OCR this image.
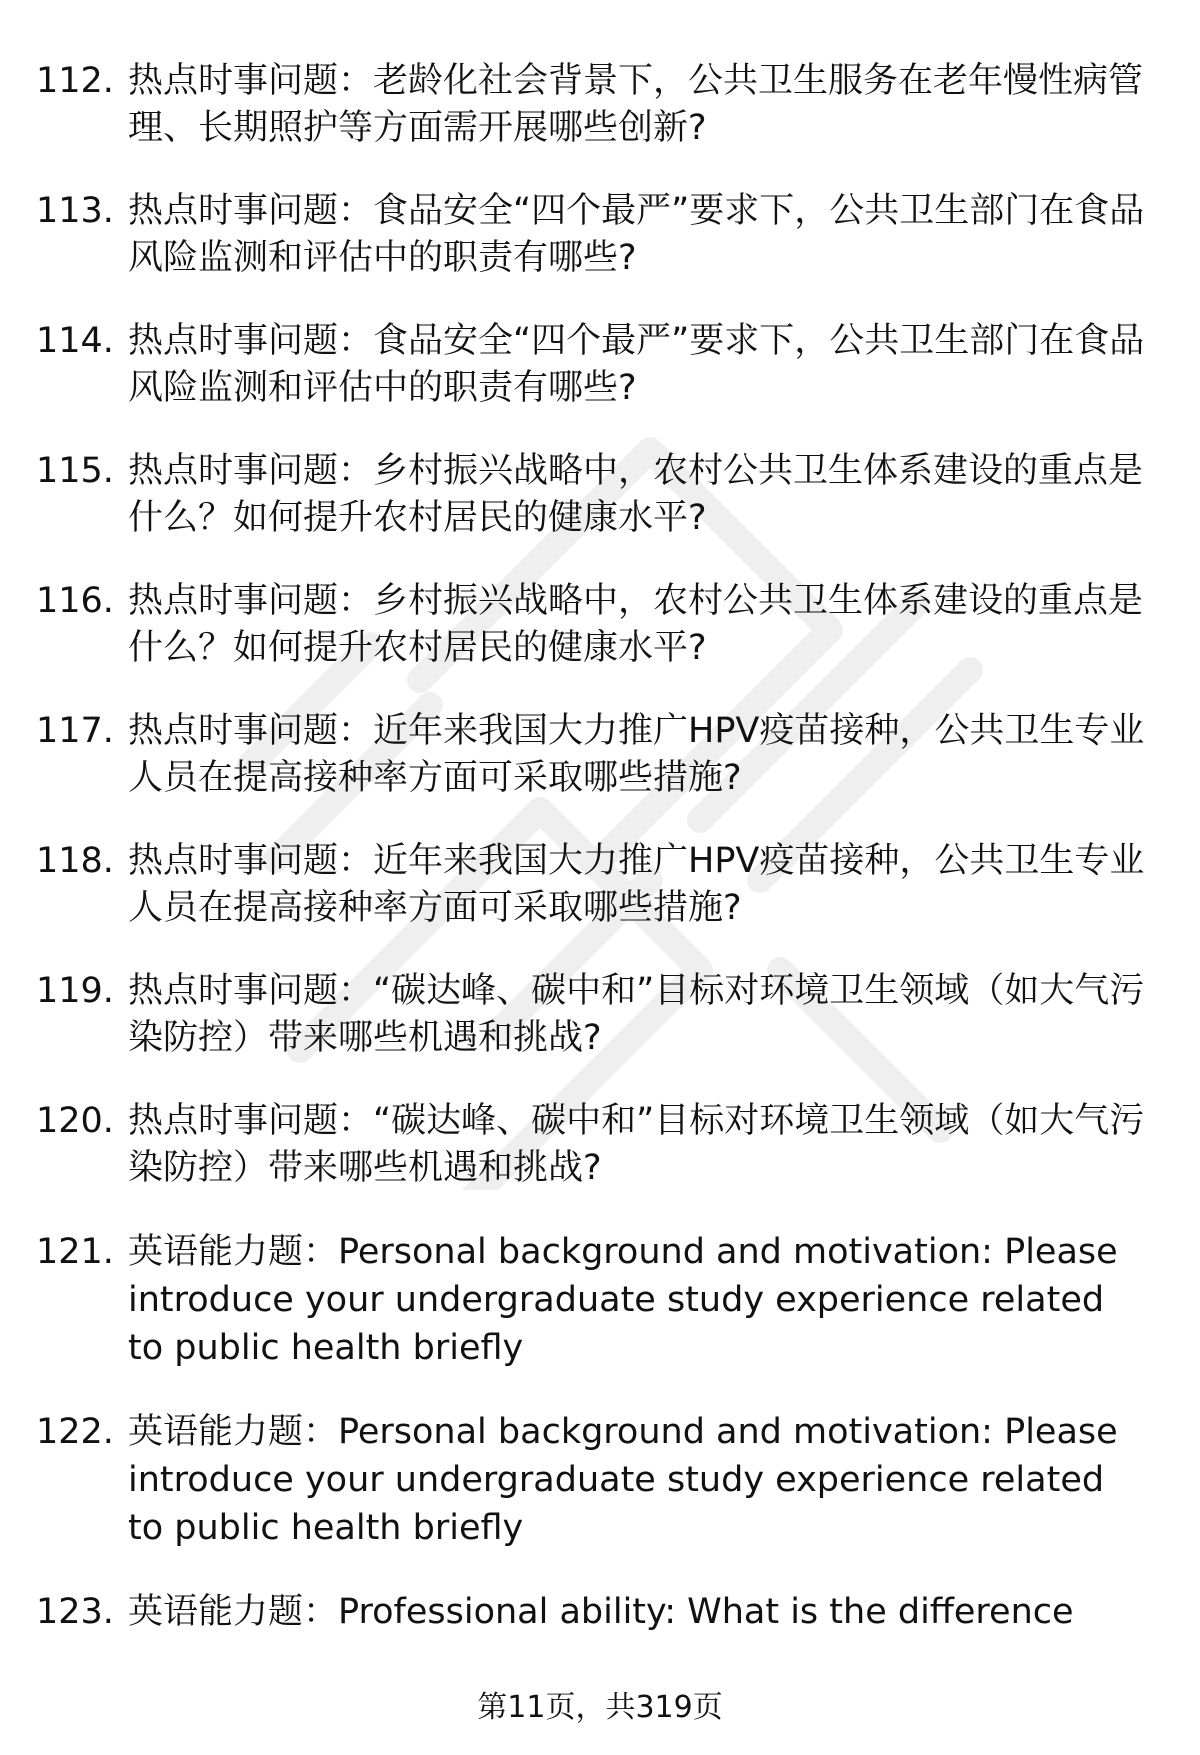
112. 热点时事问题：老龄化社会背景下，公共卫生服务在老年慢性病管理、长期照护等方面需开展哪些创新?
113. 热点时事问题：食品安全“四个最严”要求下，公共卫生部门在食品风险监测和评估中的职责有哪些?
114. 热点时事问题：食品安全“四个最严”要求下，公共卫生部门在食品风险监测和评估中的职责有哪些?
115. 热点时事问题：乡村振兴战略中，农村公共卫生体系建设的重点是什么？如何提升农村居民的健康水平?
116. 热点时事问题：乡村振兴战略中，农村公共卫生体系建设的重点是什么？如何提升农村居民的健康水平?
117. 热点时事问题：近年来我国大力推广HPV疫苗接种，公共卫生专业人员在提高接种率方面可采取哪些措施?
118. 热点时事问题：近年来我国大力推广HPV疫苗接种，公共卫生专业人员在提高接种率方面可采取哪些措施?
119. 热点时事问题：“碳达峰、碳中和”目标对环境卫生领域（如大气污染防控）带来哪些机遇和挑战?
120. 热点时事问题：“碳达峰、碳中和”目标对环境卫生领域（如大气污染防控）带来哪些机遇和挑战?
121. 英语能力题：Personal background and motivation: Please introduce your undergraduate study experience related to public health briefly
122. 英语能力题：Personal background and motivation: Please introduce your undergraduate study experience related to public health briefly
123. 英语能力题：Professional ability: What is the difference
第11页，共319页
